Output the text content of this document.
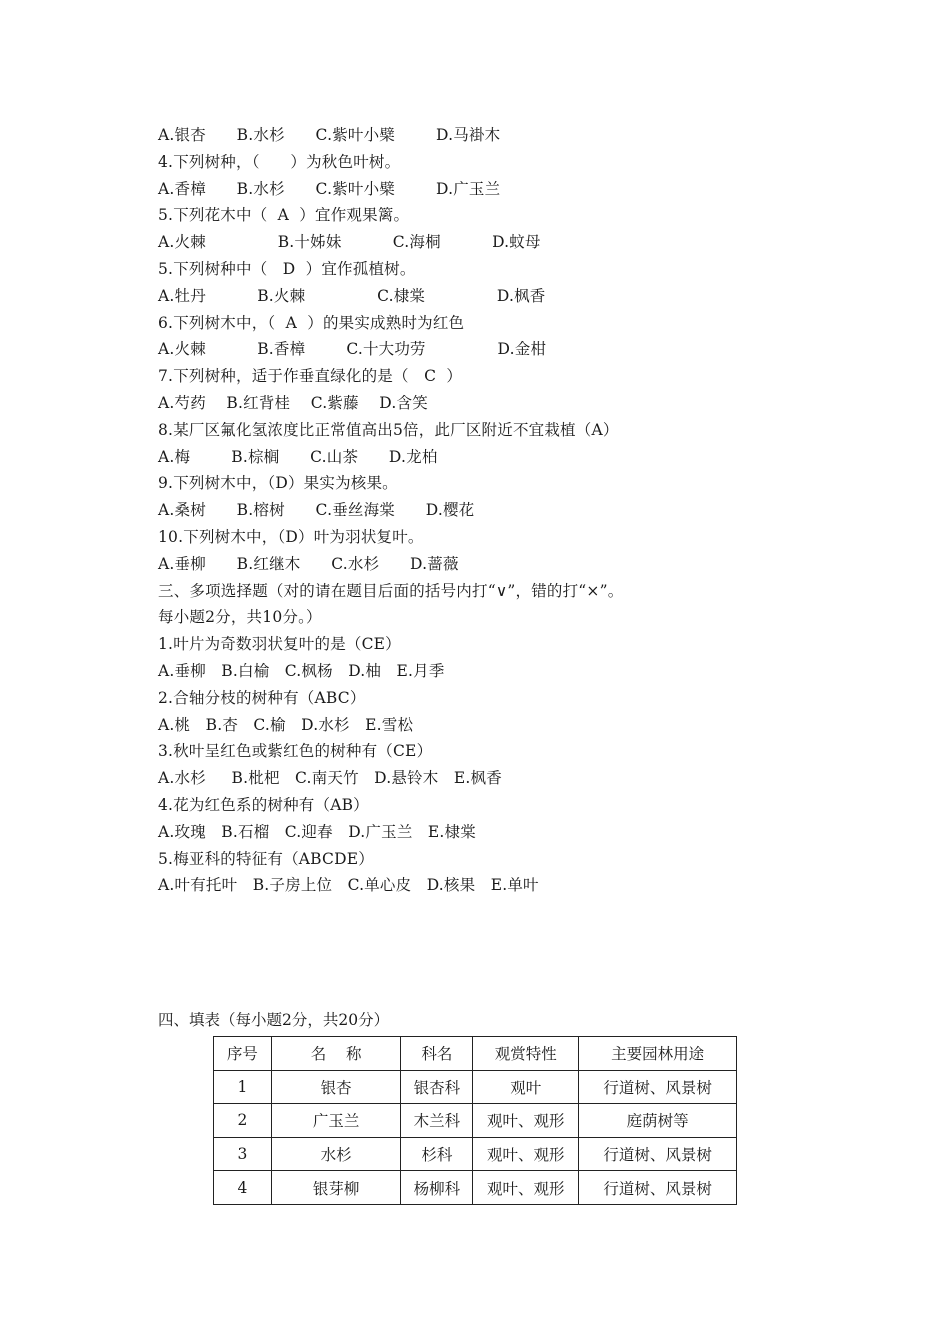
A.银杏      B.水杉      C.紫叶小檗        D.马褂木
4.下列树种，（      ）为秋色叶树。
A.香樟      B.水杉      C.紫叶小檗        D.广玉兰
5.下列花木中（  A  ）宜作观果篱。
A.火棘              B.十姊妹          C.海桐          D.蚊母
5.下列树种中（   D  ）宜作孤植树。
A.牡丹          B.火棘              C.棣棠              D.枫香
6.下列树木中，（  A  ）的果实成熟时为红色
A.火棘          B.香樟        C.十大功劳              D.金柑
7.下列树种，适于作垂直绿化的是（   C  ）
A.芍药    B.红背桂    C.紫藤    D.含笑
8.某厂区氟化氢浓度比正常值高出5倍，此厂区附近不宜栽植（A）
A.梅        B.棕榈      C.山茶      D.龙柏
9.下列树木中，（D）果实为核果。
A.桑树      B.榕树      C.垂丝海棠      D.樱花
10.下列树木中，（D）叶为羽状复叶。
A.垂柳      B.红继木      C.水杉      D.蔷薇
三、多项选择题（对的请在题目后面的括号内打“∨”，错的打“×”。
每小题2分，共10分。）
1.叶片为奇数羽状复叶的是（CE）
A.垂柳   B.白榆   C.枫杨   D.柚   E.月季
2.合轴分枝的树种有（ABC）
A.桃   B.杏   C.榆   D.水杉   E.雪松
3.秋叶呈红色或紫红色的树种有（CE）
A.水杉     B.枇杷   C.南天竹   D.悬铃木   E.枫香
4.花为红色系的树种有（AB）
A.玫瑰   B.石榴   C.迎春   D.广玉兰   E.棣棠
5.梅亚科的特征有（ABCDE）
A.叶有托叶   B.子房上位   C.单心皮   D.核果   E.单叶
四、填表（每小题2分，共20分）
序号	名    称	科名	观赏特性	主要园林用途
1	银杏	银杏科	观叶	行道树、风景树
2	广玉兰	木兰科	观叶、观形	庭荫树等
3	水杉	杉科	观叶、观形	行道树、风景树
4	银芽柳	杨柳科	观叶、观形	行道树、风景树
